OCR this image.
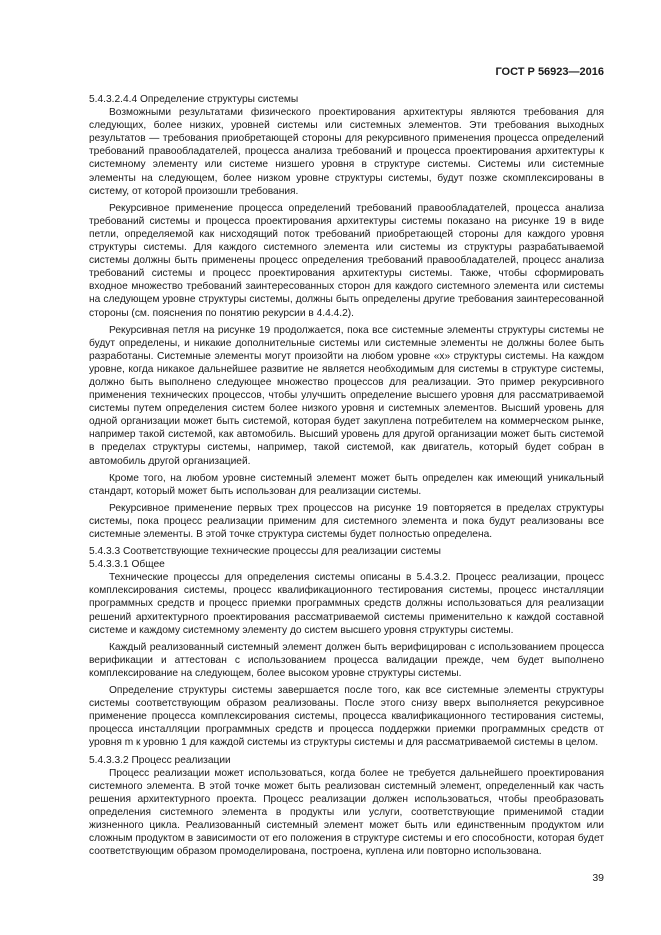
ГОСТ Р 56923—2016

5.4.3.2.4.4 Определение структуры системы

Возможными результатами физического проектирования архитектуры являются требования для следующих, более низких, уровней системы или системных элементов. Эти требования выходных результатов — требования приобретающей стороны для рекурсивного применения процесса определений требований правообладателей, процесса анализа требований и процесса проектирования архитектуры к системному элементу или системе низшего уровня в структуре системы. Системы или системные элементы на следующем, более низком уровне структуры системы, будут позже скомплексированы в систему, от которой произошли требования.

Рекурсивное применение процесса определений требований правообладателей, процесса анализа требований системы и процесса проектирования архитектуры системы показано на рисунке 19 в виде петли, определяемой как нисходящий поток требований приобретающей стороны для каждого уровня структуры системы. Для каждого системного элемента или системы из структуры разрабатываемой системы должны быть применены процесс определения требований правообладателей, процесс анализа требований системы и процесс проектирования архитектуры системы. Также, чтобы сформировать входное множество требований заинтересованных сторон для каждого системного элемента или системы на следующем уровне структуры системы, должны быть определены другие требования заинтересованной стороны (см. пояснения по понятию рекурсии в 4.4.4.2).

Рекурсивная петля на рисунке 19 продолжается, пока все системные элементы структуры системы не будут определены, и никакие дополнительные системы или системные элементы не должны более быть разработаны. Системные элементы могут произойти на любом уровне «х» структуры системы. На каждом уровне, когда никакое дальнейшее развитие не является необходимым для системы в структуре системы, должно быть выполнено следующее множество процессов для реализации. Это пример рекурсивного применения технических процессов, чтобы улучшить определение высшего уровня для рассматриваемой системы путем определения систем более низкого уровня и системных элементов. Высший уровень для одной организации может быть системой, которая будет закуплена потребителем на коммерческом рынке, например такой системой, как автомобиль. Высший уровень для другой организации может быть системой в пределах структуры системы, например, такой системой, как двигатель, который будет собран в автомобиль другой организацией.

Кроме того, на любом уровне системный элемент может быть определен как имеющий уникальный стандарт, который может быть использован для реализации системы.

Рекурсивное применение первых трех процессов на рисунке 19 повторяется в пределах структуры системы, пока процесс реализации применим для системного элемента и пока будут реализованы все системные элементы. В этой точке структура системы будет полностью определена.

5.4.3.3 Соответствующие технические процессы для реализации системы

5.4.3.3.1 Общее

Технические процессы для определения системы описаны в 5.4.3.2. Процесс реализации, процесс комплексирования системы, процесс квалификационного тестирования системы, процесс инсталляции программных средств и процесс приемки программных средств должны использоваться для реализации решений архитектурного проектирования рассматриваемой системы применительно к каждой составной системе и каждому системному элементу до систем высшего уровня структуры системы.

Каждый реализованный системный элемент должен быть верифицирован с использованием процесса верификации и аттестован с использованием процесса валидации прежде, чем будет выполнено комплексирование на следующем, более высоком уровне структуры системы.

Определение структуры системы завершается после того, как все системные элементы структуры системы соответствующим образом реализованы. После этого снизу вверх выполняется рекурсивное применение процесса комплексирования системы, процесса квалификационного тестирования системы, процесса инсталляции программных средств и процесса поддержки приемки программных средств от уровня m к уровню 1 для каждой системы из структуры системы и для рассматриваемой системы в целом.

5.4.3.3.2 Процесс реализации

Процесс реализации может использоваться, когда более не требуется дальнейшего проектирования системного элемента. В этой точке может быть реализован системный элемент, определенный как часть решения архитектурного проекта. Процесс реализации должен использоваться, чтобы преобразовать определения системного элемента в продукты или услуги, соответствующие применимой стадии жизненного цикла. Реализованный системный элемент может быть или единственным продуктом или сложным продуктом в зависимости от его положения в структуре системы и его способности, которая будет соответствующим образом промоделирована, построена, куплена или повторно использована.

39
